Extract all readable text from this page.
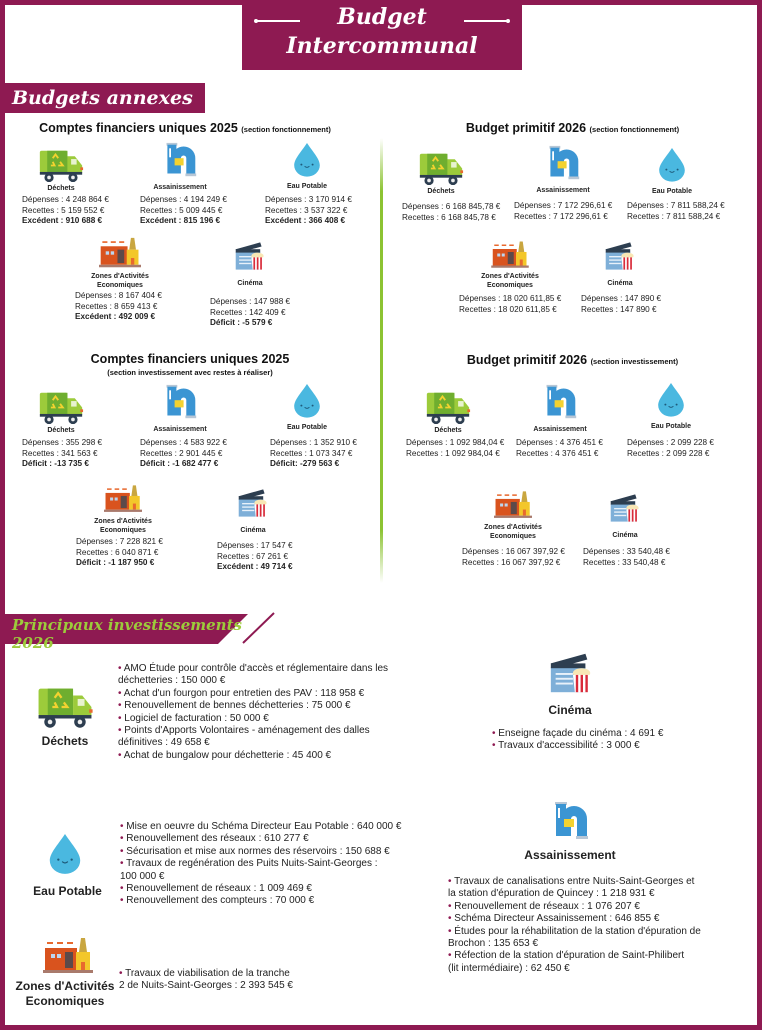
Budget
Intercommunal
Budgets annexes
Comptes financiers uniques 2025 (section fonctionnement)
Déchets
Dépenses : 4 248 864 €
Recettes : 5 159 552 €
Excédent : 910 688 €
Assainissement
Dépenses : 4 194 249 €
Recettes : 5 009 445 €
Excédent : 815 196 €
Eau Potable
Dépenses : 3 170 914 €
Recettes : 3 537 322 €
Excédent : 366 408 €
Zones d'Activités
Economiques
Dépenses : 8 167 404 €
Recettes : 8 659 413 €
Excédent : 492 009 €
Cinéma
Dépenses : 147 988 €
Recettes : 142 409 €
Déficit : -5 579 €
Budget primitif 2026 (section fonctionnement)
Déchets
Dépenses : 6 168 845,78 €
Recettes : 6 168 845,78 €
Assainissement
Dépenses : 7 172 296,61 €
Recettes : 7 172 296,61 €
Eau Potable
Dépenses : 7 811 588,24 €
Recettes : 7 811 588,24 €
Zones d'Activités
Economiques
Dépenses : 18 020 611,85 €
Recettes : 18 020 611,85 €
Cinéma
Dépenses : 147 890 €
Recettes : 147 890 €
Comptes financiers uniques 2025
(section investissement avec restes à réaliser)
Déchets
Dépenses : 355 298 €
Recettes : 341 563 €
Déficit : -13 735 €
Assainissement
Dépenses : 4 583 922 €
Recettes : 2 901 445 €
Déficit : -1 682 477 €
Eau Potable
Dépenses : 1 352 910 €
Recettes : 1 073 347 €
Déficit: -279 563 €
Zones d'Activités
Economiques
Dépenses : 7 228 821 €
Recettes : 6 040 871 €
Déficit : -1 187 950 €
Cinéma
Dépenses : 17 547 €
Recettes : 67 261 €
Excédent : 49 714 €
Budget primitif 2026 (section investissement)
Déchets
Dépenses : 1 092 984,04 €
Recettes : 1 092 984,04 €
Assainissement
Dépenses : 4 376 451 €
Recettes : 4 376 451 €
Eau Potable
Dépenses : 2 099 228 €
Recettes : 2 099 228 €
Zones d'Activités
Economiques
Dépenses : 16 067 397,92 €
Recettes : 16 067 397,92 €
Cinéma
Dépenses : 33 540,48 €
Recettes : 33 540,48 €
Principaux investissements 2026
Déchets
• AMO Étude pour contrôle d'accès et réglementaire dans les
déchetteries : 150 000 €
• Achat d'un fourgon pour entretien des PAV : 118 958 €
• Renouvellement de bennes déchetteries : 75 000 €
• Logiciel de facturation : 50 000 €
• Points d'Apports Volontaires - aménagement des dalles
définitives : 49 658 €
• Achat de bungalow pour déchetterie : 45 400 €
Cinéma
• Enseigne façade du cinéma : 4 691 €
• Travaux d'accessibilité : 3 000 €
Eau Potable
• Mise en oeuvre du Schéma Directeur Eau Potable : 640 000 €
• Renouvellement des réseaux : 610 277 €
• Sécurisation et mise aux normes des réservoirs : 150 688 €
• Travaux de regénération des Puits Nuits-Saint-Georges :
100 000 €
• Renouvellement de réseaux : 1 009 469 €
• Renouvellement des compteurs : 70 000 €
Assainissement
• Travaux de canalisations entre Nuits-Saint-Georges et
la station d'épuration de Quincey : 1 218 931 €
• Renouvellement de réseaux : 1 076 207 €
• Schéma Directeur Assainissement : 646 855 €
• Études pour la réhabilitation de la station d'épuration de
Brochon : 135 653 €
• Réfection de la station d'épuration de Saint-Philibert
(lit intermédiaire) : 62 450 €
Zones d'Activités
Economiques
• Travaux de viabilisation de la tranche
2 de Nuits-Saint-Georges : 2 393 545 €
